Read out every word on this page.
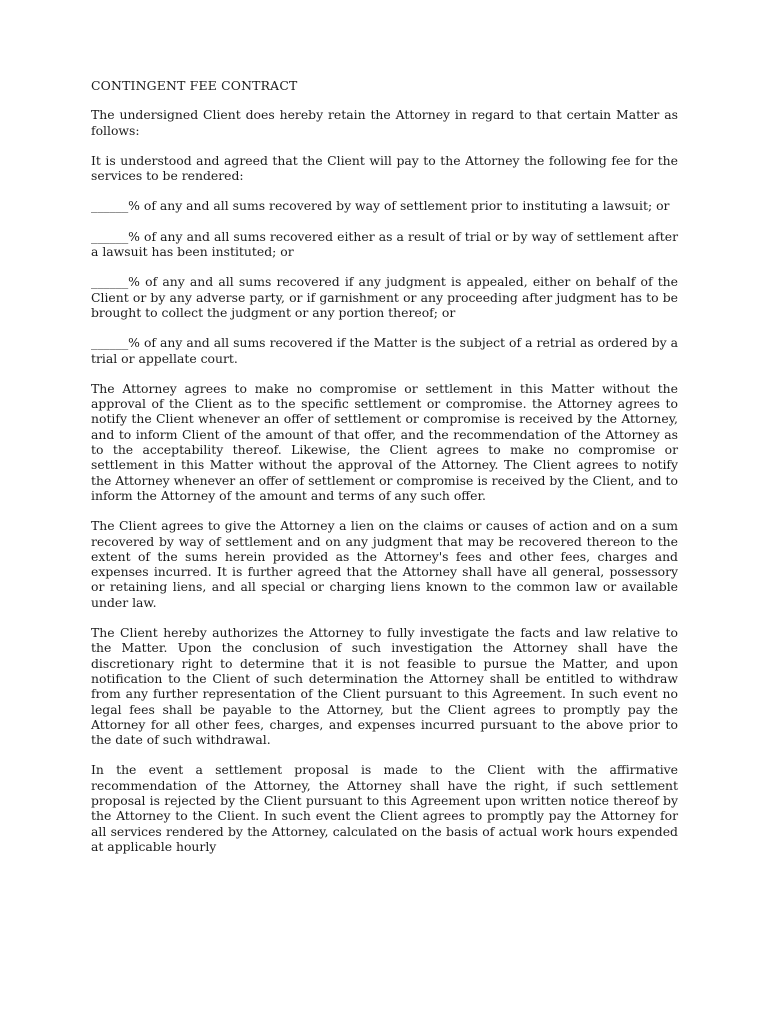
CONTINGENT FEE CONTRACT

The undersigned Client does hereby retain the Attorney in regard to that certain Matter as follows:

It is understood and agreed that the Client will pay to the Attorney the following fee for the services to be rendered:

______% of any and all sums recovered by way of settlement prior to instituting a lawsuit; or

______% of any and all sums recovered either as a result of trial or by way of settlement after a lawsuit has been instituted; or

______% of any and all sums recovered if any judgment is appealed, either on behalf of the Client or by any adverse party, or if garnishment or any proceeding after judgment has to be brought to collect the judgment or any portion thereof; or

______% of any and all sums recovered if the Matter is the subject of a retrial as ordered by a trial or appellate court.

The Attorney agrees to make no compromise or settlement in this Matter without the approval of the Client as to the specific settlement or compromise. the Attorney agrees to notify the Client whenever an offer of settlement or compromise is received by the Attorney, and to inform Client of the amount of that offer, and the recommendation of the Attorney as to the acceptability thereof. Likewise, the Client agrees to make no compromise or settlement in this Matter without the approval of the Attorney. The Client agrees to notify the Attorney whenever an offer of settlement or compromise is received by the Client, and to inform the Attorney of the amount and terms of any such offer.

The Client agrees to give the Attorney a lien on the claims or causes of action and on a sum recovered by way of settlement and on any judgment that may be recovered thereon to the extent of the sums herein provided as the Attorney's fees and other fees, charges and expenses incurred. It is further agreed that the Attorney shall have all general, possessory or retaining liens, and all special or charging liens known to the common law or available under law.

The Client hereby authorizes the Attorney to fully investigate the facts and law relative to the Matter. Upon the conclusion of such investigation the Attorney shall have the discretionary right to determine that it is not feasible to pursue the Matter, and upon notification to the Client of such determination the Attorney shall be entitled to withdraw from any further representation of the Client pursuant to this Agreement. In such event no legal fees shall be payable to the Attorney, but the Client agrees to promptly pay the Attorney for all other fees, charges, and expenses incurred pursuant to the above prior to the date of such withdrawal.

In the event a settlement proposal is made to the Client with the affirmative recommendation of the Attorney, the Attorney shall have the right, if such settlement proposal is rejected by the Client pursuant to this Agreement upon written notice thereof by the Attorney to the Client. In such event the Client agrees to promptly pay the Attorney for all services rendered by the Attorney, calculated on the basis of actual work hours expended at applicable hourly
